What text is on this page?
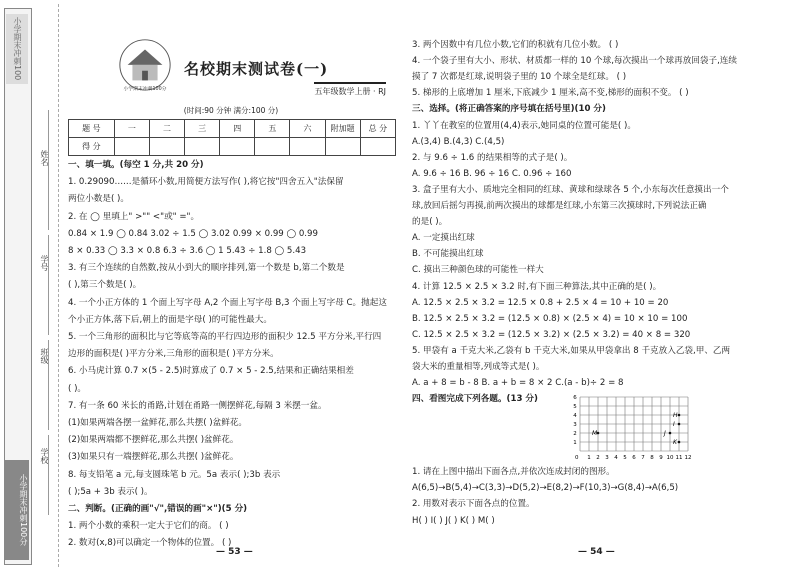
小学期末冲刺100
姓名
学号
班级
学校
小学期末冲刺100分
小学期末冲刺100分
名校期末测试卷(一)
五年级数学上册 · RJ
(时间:90 分钟 满分:100 分)
题 号	一	二	三	四	五	六	附加题	总 分
得 分								
一、填一填。(每空 1 分,共 20 分)
1. 0.29090……是循环小数,用简便方法写作( ),将它按"四舍五入"法保留
两位小数是( )。
2. 在 ◯ 里填上" >"" <"或" ="。
0.84 × 1.9 ◯ 0.84 3.02 ÷ 1.5 ◯ 3.02 0.99 × 0.99 ◯ 0.99
8 × 0.33 ◯ 3.3 × 0.8 6.3 ÷ 3.6 ◯ 1 5.43 ÷ 1.8 ◯ 5.43
3. 有三个连续的自然数,按从小到大的顺序排列,第一个数是 b,第二个数是
( ),第三个数是( )。
4. 一个小正方体的 1 个面上写字母 A,2 个面上写字母 B,3 个面上写字母 C。抛起这
个小正方体,落下后,朝上的面是字母( )的可能性最大。
5. 一个三角形的面积比与它等底等高的平行四边形的面积少 12.5 平方分米,平行四
边形的面积是( )平方分米,三角形的面积是( )平方分米。
6. 小马虎计算 0.7 ×(5 - 2.5)时算成了 0.7 × 5 - 2.5,结果和正确结果相差
( )。
7. 有一条 60 米长的甬路,计划在甬路一侧摆鲜花,每隔 3 米摆一盆。
(1)如果两端各摆一盆鲜花,那么共摆( )盆鲜花。
(2)如果两端都不摆鲜花,那么共摆( )盆鲜花。
(3)如果只有一端摆鲜花,那么共摆( )盆鲜花。
8. 每支铅笔 a 元,每支圆珠笔 b 元。5a 表示( );3b 表示
( );5a + 3b 表示( )。
二、判断。(正确的画"√",错误的画"×")(5 分)
1. 两个小数的乘积一定大于它们的商。 ( )
2. 数对(x,8)可以确定一个物体的位置。 ( )
— 53 —
3. 两个因数中有几位小数,它们的积就有几位小数。 ( )
4. 一个袋子里有大小、形状、材质都一样的 10 个球,每次摸出一个球再放回袋子,连续
摸了 7 次都是红球,说明袋子里的 10 个球全是红球。 ( )
5. 梯形的上底增加 1 厘米,下底减少 1 厘米,高不变,梯形的面积不变。 ( )
三、选择。(将正确答案的序号填在括号里)(10 分)
1. 丫丫在教室的位置用(4,4)表示,她同桌的位置可能是( )。
A.(3,4) B.(4,3) C.(4,5)
2. 与 9.6 ÷ 1.6 的结果相等的式子是( )。
A. 9.6 ÷ 16 B. 96 ÷ 16 C. 0.96 ÷ 160
3. 盒子里有大小、质地完全相同的红球、黄球和绿球各 5 个,小东每次任意摸出一个
球,放回后摇匀再摸,前两次摸出的球都是红球,小东第三次摸球时,下列说法正确
的是( )。
A. 一定摸出红球
B. 不可能摸出红球
C. 摸出三种颜色球的可能性一样大
4. 计算 12.5 × 2.5 × 3.2 时,有下面三种算法,其中正确的是( )。
A. 12.5 × 2.5 × 3.2 = 12.5 × 0.8 + 2.5 × 4 = 10 + 10 = 20
B. 12.5 × 2.5 × 3.2 = (12.5 × 0.8) × (2.5 × 4) = 10 × 10 = 100
C. 12.5 × 2.5 × 3.2 = (12.5 × 3.2) × (2.5 × 3.2) = 40 × 8 = 320
5. 甲袋有 a 千克大米,乙袋有 b 千克大米,如果从甲袋拿出 8 千克放入乙袋,甲、乙两
袋大米的重量相等,列成等式是( )。
A. a + 8 = b - 8 B. a + b = 8 × 2 C.(a - b)÷ 2 = 8
四、看图完成下列各题。(13 分)
1 2 3 4 5 6 7 8 9 10 11 12
1
2
3
4
5
6
0
H
M	J
I
K
1. 请在上图中描出下面各点,并依次连成封闭的图形。
A(6,5)→B(5,4)→C(3,3)→D(5,2)→E(8,2)→F(10,3)→G(8,4)→A(6,5)
2. 用数对表示下面各点的位置。
H( ) I( ) J( ) K( ) M( )
— 54 —
